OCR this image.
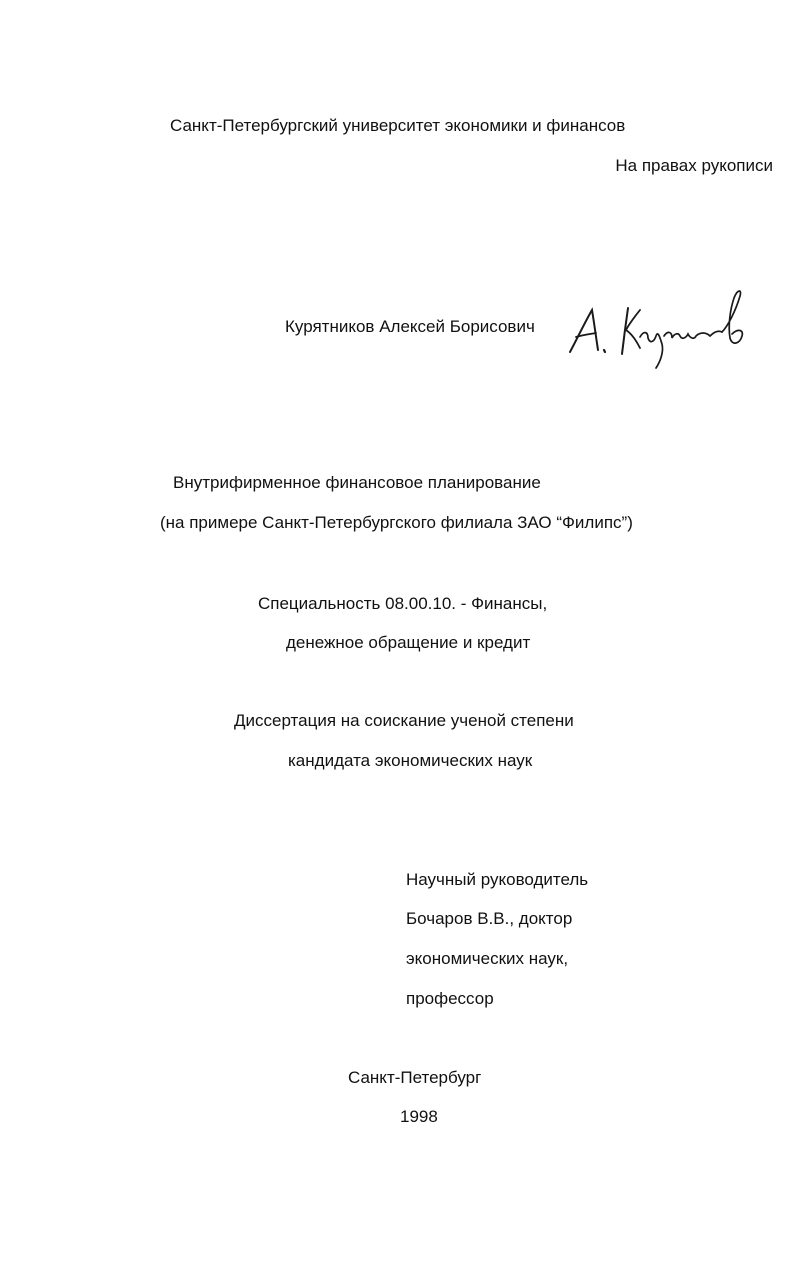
Санкт-Петербургский университет экономики и финансов
На правах рукописи
Курятников Алексей Борисович
Внутрифирменное финансовое планирование
(на примере Санкт-Петербургского филиала ЗАО “Филипс”)
Специальность 08.00.10. - Финансы,
денежное обращение и кредит
Диссертация на соискание ученой степени
кандидата экономических наук
Научный руководитель
Бочаров В.В., доктор
экономических наук,
профессор
Санкт-Петербург
1998
